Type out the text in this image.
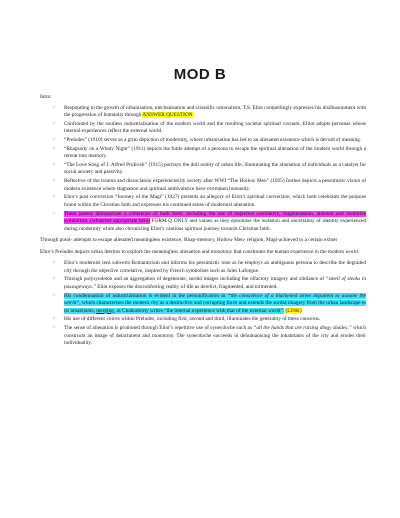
MOD B
Intro:
· Responding to the growth of urbanisation, mechanisation and scientific rationalism, T.S. Eliot compellingly expresses his disillusionment with the progression of humanity through ANSWER QUESTION
· Confronted by the soulless industrialisation of the modern world and the resulting societal spiritual vacuum, Elliot adopts personas whose internal experiences reflect the external world.
· “Preludes” (1910) serves as a grim depiction of modernity, where urbanisation has led to an alienated existence which is devoid of meaning.
· “Rhapsody on a Windy Night” (1911) depicts the futile attempt of a persona to escape the spiritual alienation of the modern world through a retreat into memory.
· “The Love Song of J. Alfred Prufrock” (1915) portrays the dull reality of urban life, illuminating the alienation of individuals as a catalyst for social anxiety and passivity.
· Reflective of the trauma and dissociation experienced by society after WWI “The Hollow Men” (1925) further depicts a pessimistic vision of modern existence where stagnation and spiritual ambivalence have overtaken humanity.
· Eliot’s post conversion “Journey of the Magi” (1927) presents an allegory of Eliot’s spiritual conversion, which both celebrates the purpose found within the Christian faith and expresses his continued sense of modernist alienation.
· These poems demonstrate a coherence of both form, including the use of objective correlative, fragmentation, allusion and inventive symbolism, (whatever appropriate here) FORM Q ONLY and values as they epitomise the isolation and uncertainty of identity experienced during modernity while also chronicling Eliot’s cautious spiritual journey towards Christian faith.

Through point- attempts to escape alienated meaningless existence, Rhap-memory, Hollow Men- religion, Magi-achieved to a certain extnet

Eliot’s Preludes depicts urban detritus to explore the meaningless alienation and monotony that constitutes the human experience in the modern world.

· Eliot’s modernist lens subverts Romanticism and informs his pessimistic tone as he employs an ambiguous persona to describe the degraded city through the objective correlative, inspired by French symbolists such as Jules Laforgue.
· Through polysyndeton and an aggregation of degenerate, sordid images including the olfactory imagery and sibilance of “smell of steaks in passageways.” Eliot exposes the discomforting reality of life as derelict, fragmented, and tormented.
· His condemnation of industrialisation is evident in the personification in “the conscience of a blackened street impatient to assume the world”, which characterises the modern city as a destructive and corrupting force and extends the sordid imagery from the urban landscape to its inhabitants, merging, as Chakraborty writes “the internal experience with that of the external world”. (LINK)
· His use of different voices within Preludes, including first, second and third, illuminates the generality of these concerns.
· The sense of alienation is promoted through Eliot’s repetitive use of synecdoche such as “all the hands that are raising dingy shades,” which constructs an image of detachment and monotony. The synecdoche succeeds in dehumanising the inhabitants of the city and erodes their individuality.
